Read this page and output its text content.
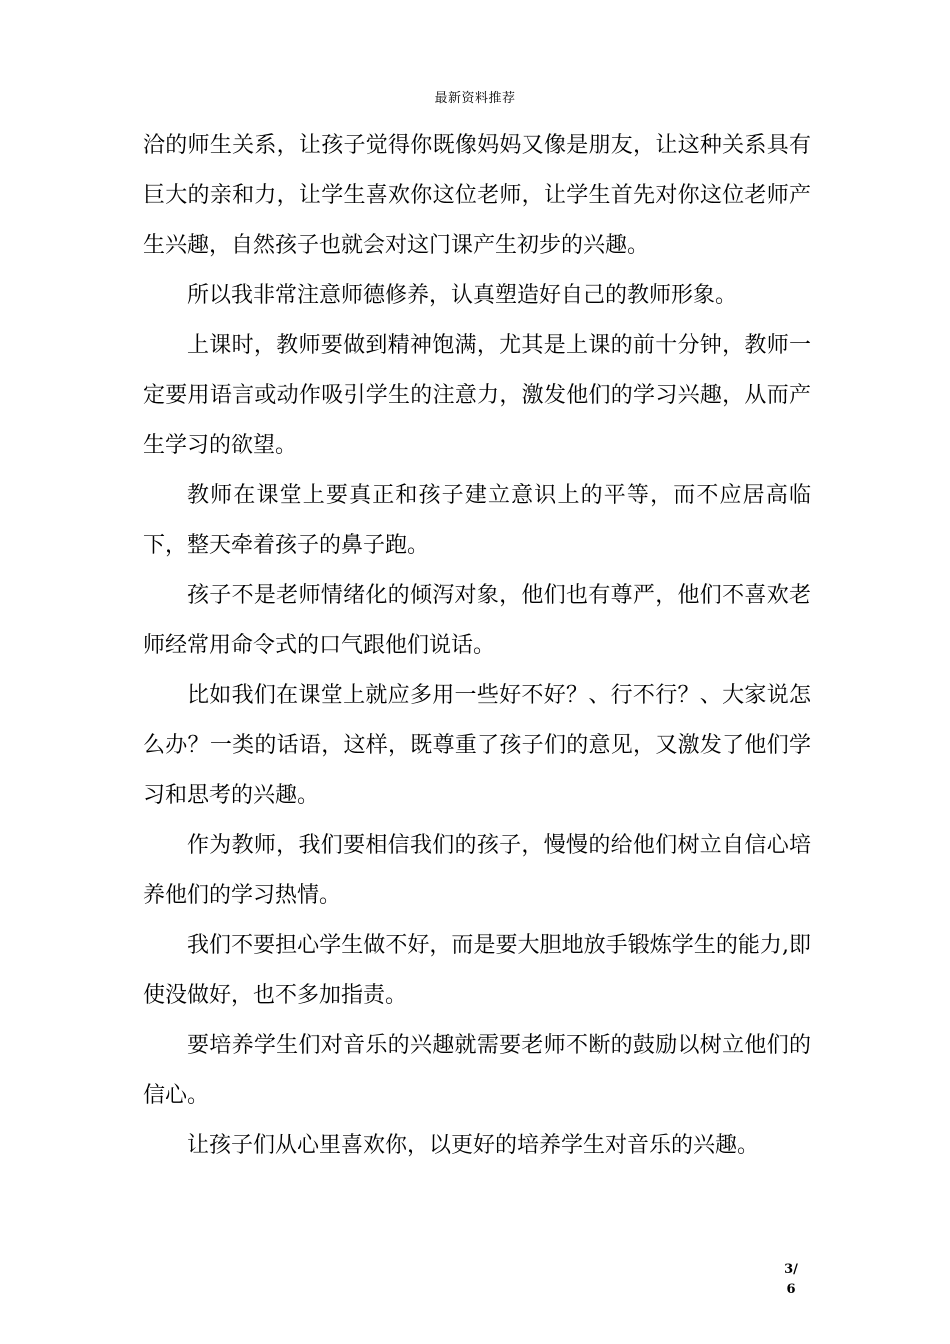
最新资料推荐

洽的师生关系，让孩子觉得你既像妈妈又像是朋友，让这种关系具有巨大的亲和力，让学生喜欢你这位老师，让学生首先对你这位老师产生兴趣，自然孩子也就会对这门课产生初步的兴趣。

所以我非常注意师德修养，认真塑造好自己的教师形象。

上课时，教师要做到精神饱满，尤其是上课的前十分钟，教师一定要用语言或动作吸引学生的注意力，激发他们的学习兴趣，从而产生学习的欲望。

教师在课堂上要真正和孩子建立意识上的平等，而不应居高临下，整天牵着孩子的鼻子跑。

孩子不是老师情绪化的倾泻对象，他们也有尊严，他们不喜欢老师经常用命令式的口气跟他们说话。

比如我们在课堂上就应多用一些好不好？、行不行？、大家说怎么办？一类的话语，这样，既尊重了孩子们的意见，又激发了他们学习和思考的兴趣。

作为教师，我们要相信我们的孩子，慢慢的给他们树立自信心培养他们的学习热情。

我们不要担心学生做不好，而是要大胆地放手锻炼学生的能力,即使没做好，也不多加指责。

要培养学生们对音乐的兴趣就需要老师不断的鼓励以树立他们的信心。

让孩子们从心里喜欢你，以更好的培养学生对音乐的兴趣。

3/6
